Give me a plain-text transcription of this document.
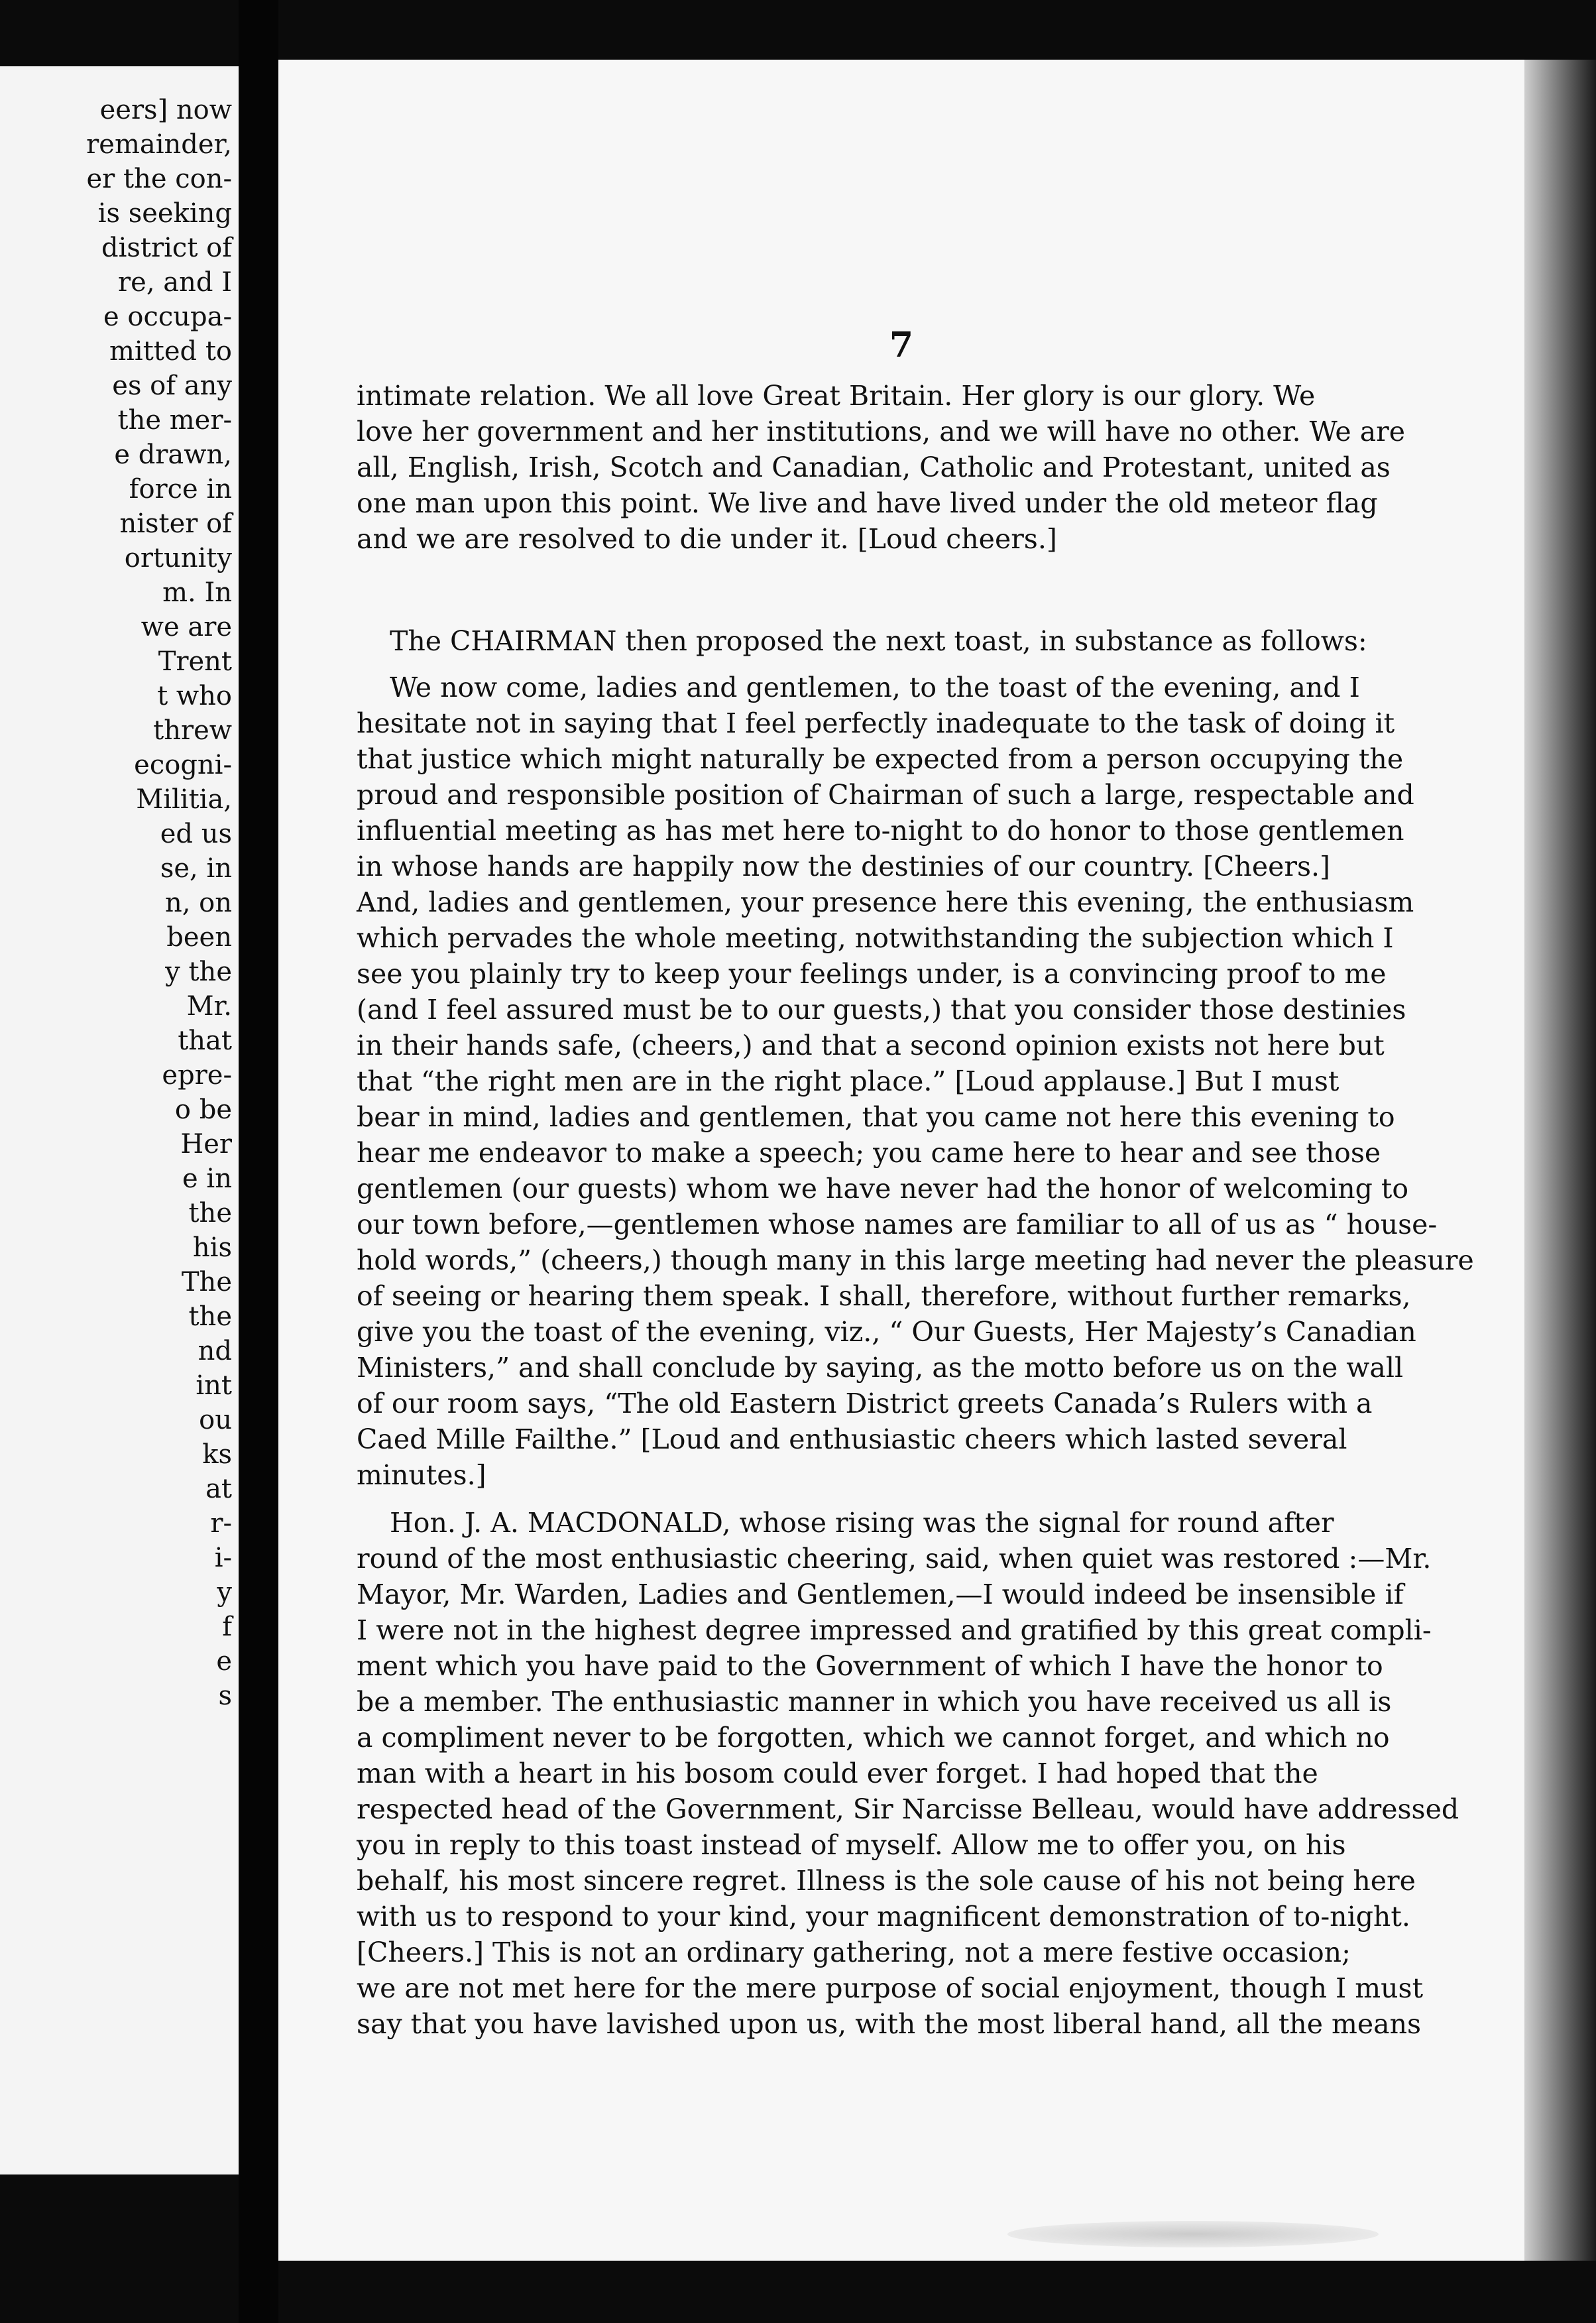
eers] now
remainder,
er the con-
is seeking
district of
re, and I
e occupa-
mitted to
es of any
the mer-
e drawn,
force in
nister of
ortunity
m. In
we are
Trent
t who
threw
ecogni-
Militia,
ed us
se, in
n, on
been
y the
Mr.
that
epre-
o be
Her
e in
the
his
The
the
nd
int
ou
ks
at
r-
i-
y
f
e
s
7
intimate relation. We all love Great Britain. Her glory is our glory. We
love her government and her institutions, and we will have no other. We are
all, English, Irish, Scotch and Canadian, Catholic and Protestant, united as
one man upon this point. We live and have lived under the old meteor flag
and we are resolved to die under it. [Loud cheers.]
The CHAIRMAN then proposed the next toast, in substance as follows:
We now come, ladies and gentlemen, to the toast of the evening, and I
hesitate not in saying that I feel perfectly inadequate to the task of doing it
that justice which might naturally be expected from a person occupying the
proud and responsible position of Chairman of such a large, respectable and
influential meeting as has met here to-night to do honor to those gentlemen
in whose hands are happily now the destinies of our country. [Cheers.]
And, ladies and gentlemen, your presence here this evening, the enthusiasm
which pervades the whole meeting, notwithstanding the subjection which I
see you plainly try to keep your feelings under, is a convincing proof to me
(and I feel assured must be to our guests,) that you consider those destinies
in their hands safe, (cheers,) and that a second opinion exists not here but
that “the right men are in the right place.” [Loud applause.] But I must
bear in mind, ladies and gentlemen, that you came not here this evening to
hear me endeavor to make a speech; you came here to hear and see those
gentlemen (our guests) whom we have never had the honor of welcoming to
our town before,—gentlemen whose names are familiar to all of us as “ house-
hold words,” (cheers,) though many in this large meeting had never the pleasure
of seeing or hearing them speak. I shall, therefore, without further remarks,
give you the toast of the evening, viz., “ Our Guests, Her Majesty’s Canadian
Ministers,” and shall conclude by saying, as the motto before us on the wall
of our room says, “The old Eastern District greets Canada’s Rulers with a
Caed Mille Failthe.” [Loud and enthusiastic cheers which lasted several
minutes.]
Hon. J. A. MACDONALD, whose rising was the signal for round after
round of the most enthusiastic cheering, said, when quiet was restored :—Mr.
Mayor, Mr. Warden, Ladies and Gentlemen,—I would indeed be insensible if
I were not in the highest degree impressed and gratified by this great compli-
ment which you have paid to the Government of which I have the honor to
be a member. The enthusiastic manner in which you have received us all is
a compliment never to be forgotten, which we cannot forget, and which no
man with a heart in his bosom could ever forget. I had hoped that the
respected head of the Government, Sir Narcisse Belleau, would have addressed
you in reply to this toast instead of myself. Allow me to offer you, on his
behalf, his most sincere regret. Illness is the sole cause of his not being here
with us to respond to your kind, your magnificent demonstration of to-night.
[Cheers.] This is not an ordinary gathering, not a mere festive occasion;
we are not met here for the mere purpose of social enjoyment, though I must
say that you have lavished upon us, with the most liberal hand, all the means
